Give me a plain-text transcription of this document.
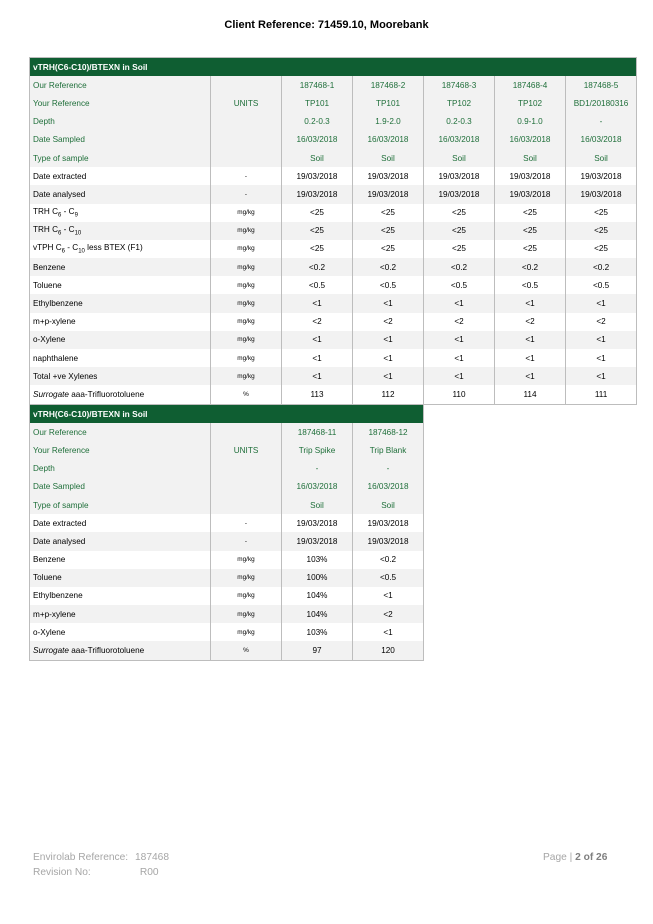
Client Reference: 71459.10, Moorebank
vTRH(C6-C10)/BTEXN in Soil						
Our Reference		187468-1	187468-2	187468-3	187468-4	187468-5
Your Reference	UNITS	TP101	TP101	TP102	TP102	BD1/20180316
Depth		0.2-0.3	1.9-2.0	0.2-0.3	0.9-1.0	-
Date Sampled		16/03/2018	16/03/2018	16/03/2018	16/03/2018	16/03/2018
Type of sample		Soil	Soil	Soil	Soil	Soil
Date extracted	-	19/03/2018	19/03/2018	19/03/2018	19/03/2018	19/03/2018
Date analysed	-	19/03/2018	19/03/2018	19/03/2018	19/03/2018	19/03/2018
TRH $C_6 - C_9$	mg/kg	<25	<25	<25	<25	<25
TRH $C_6 - C_{10}$	mg/kg	<25	<25	<25	<25	<25
vTPH $C_6 - C_{10}$ less BTEX (F1)	mg/kg	<25	<25	<25	<25	<25
Benzene	mg/kg	<0.2	<0.2	<0.2	<0.2	<0.2
Toluene	mg/kg	<0.5	<0.5	<0.5	<0.5	<0.5
Ethylbenzene	mg/kg	<1	<1	<1	<1	<1
m+p-xylene	mg/kg	<2	<2	<2	<2	<2
o-Xylene	mg/kg	<1	<1	<1	<1	<1
naphthalene	mg/kg	<1	<1	<1	<1	<1
Total +ve Xylenes	mg/kg	<1	<1	<1	<1	<1
Surrogate aaa-Trifluorotoluene	%	113	112	110	114	111
vTRH(C6-C10)/BTEXN in Soil			
Our Reference		187468-11	187468-12
Your Reference	UNITS	Trip Spike	Trip Blank
Depth		-	-
Date Sampled		16/03/2018	16/03/2018
Type of sample		Soil	Soil
Date extracted	-	19/03/2018	19/03/2018
Date analysed	-	19/03/2018	19/03/2018
Benzene	mg/kg	103%	<0.2
Toluene	mg/kg	100%	<0.5
Ethylbenzene	mg/kg	104%	<1
m+p-xylene	mg/kg	104%	<2
o-Xylene	mg/kg	103%	<1
Surrogate aaa-Trifluorotoluene	%	97	120
Envirolab Reference: 187468
Revision No:	R00
Page | 2 of 26
